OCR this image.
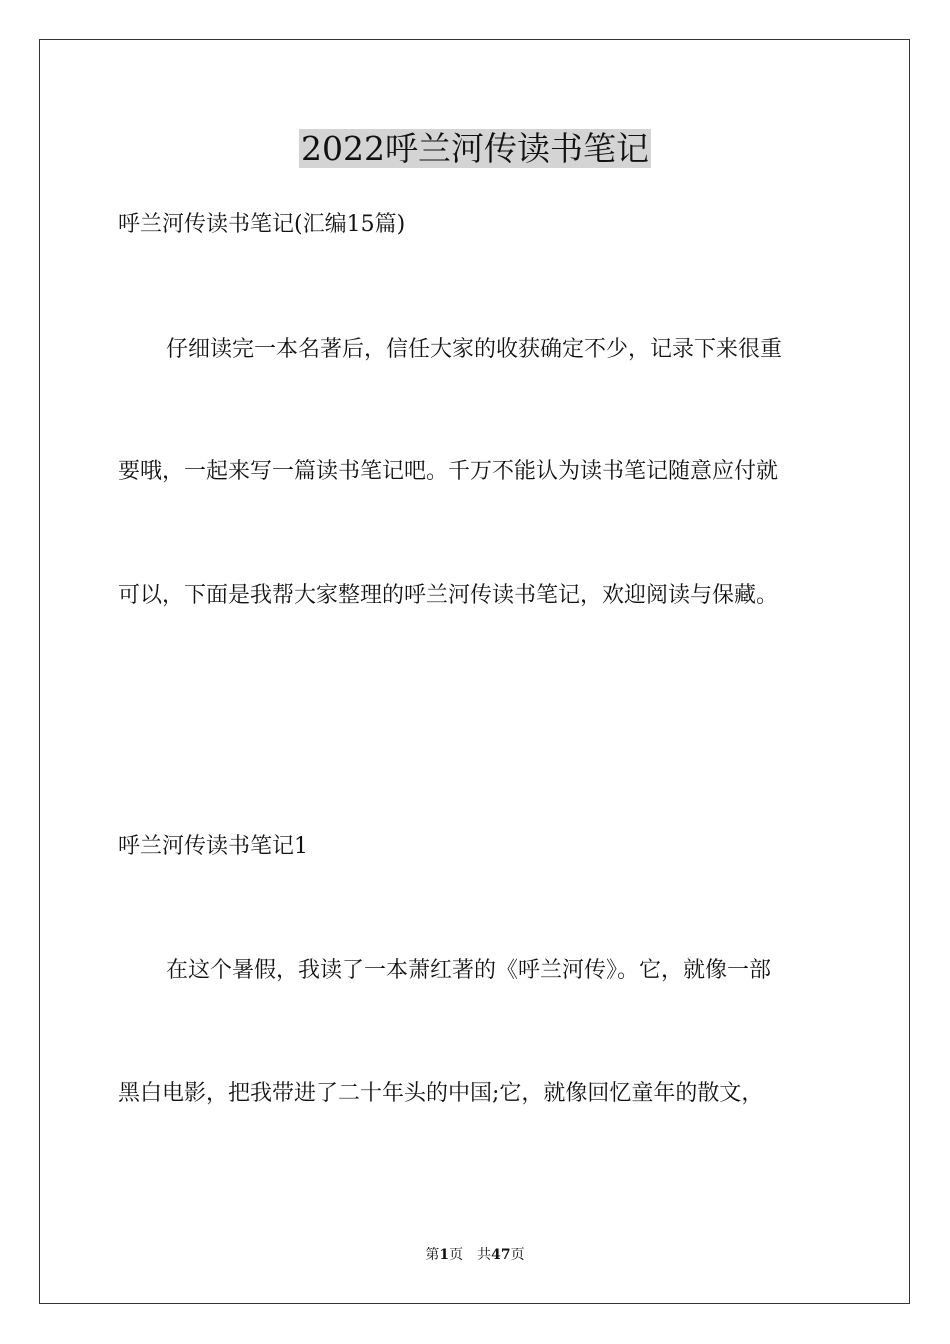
2022呼兰河传读书笔记

呼兰河传读书笔记(汇编15篇)

仔细读完一本名著后，信任大家的收获确定不少，记录下来很重

要哦，一起来写一篇读书笔记吧。千万不能认为读书笔记随意应付就

可以，下面是我帮大家整理的呼兰河传读书笔记，欢迎阅读与保藏。

呼兰河传读书笔记1

在这个暑假，我读了一本萧红著的《呼兰河传》。它，就像一部

黑白电影，把我带进了二十年头的中国;它，就像回忆童年的散文，

第1页 共47页
